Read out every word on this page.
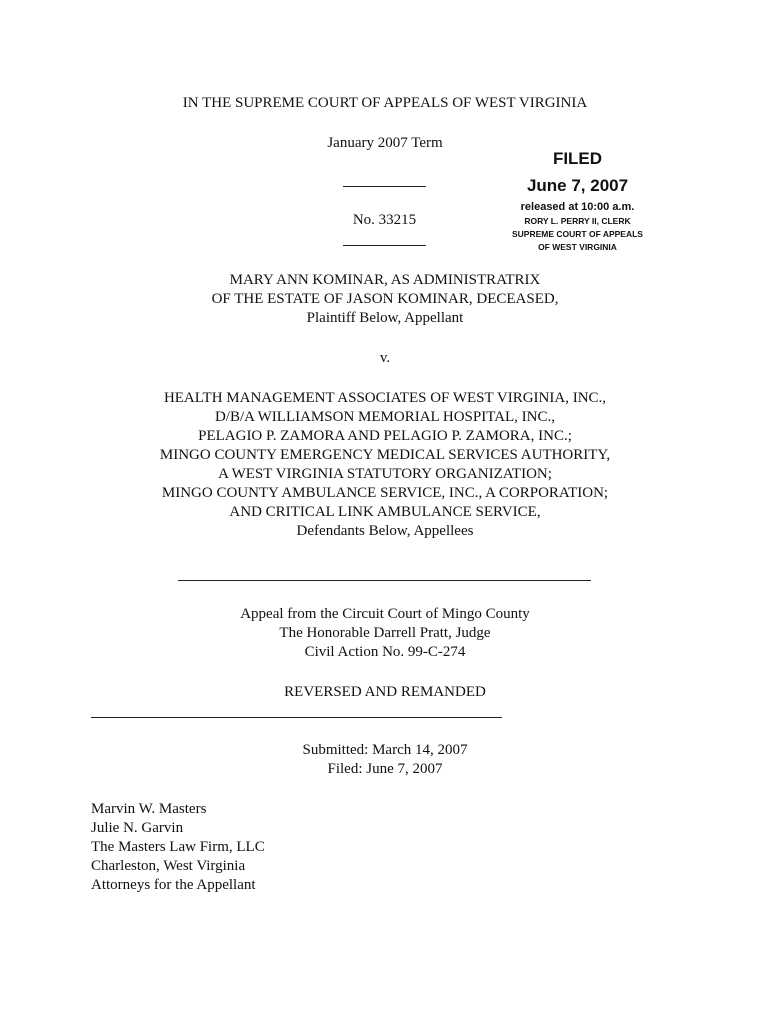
IN THE SUPREME COURT OF APPEALS OF WEST VIRGINIA
January 2007 Term
No. 33215
FILED
June 7, 2007
released at 10:00 a.m.
RORY L. PERRY II, CLERK
SUPREME COURT OF APPEALS
OF WEST VIRGINIA
MARY ANN KOMINAR, AS ADMINISTRATRIX
OF THE ESTATE OF JASON KOMINAR, DECEASED,
Plaintiff Below, Appellant
v.
HEALTH MANAGEMENT ASSOCIATES OF WEST VIRGINIA, INC.,
D/B/A WILLIAMSON MEMORIAL HOSPITAL, INC.,
PELAGIO P. ZAMORA AND PELAGIO P. ZAMORA, INC.;
MINGO COUNTY EMERGENCY MEDICAL SERVICES AUTHORITY,
A WEST VIRGINIA STATUTORY ORGANIZATION;
MINGO COUNTY AMBULANCE SERVICE, INC., A CORPORATION;
AND CRITICAL LINK AMBULANCE SERVICE,
Defendants Below, Appellees
Appeal from the Circuit Court of Mingo County
The Honorable Darrell Pratt, Judge
Civil Action No. 99-C-274
REVERSED AND REMANDED
Submitted: March 14, 2007
Filed: June 7, 2007
Marvin W. Masters
Julie N. Garvin
The Masters Law Firm, LLC
Charleston, West Virginia
Attorneys for the Appellant
